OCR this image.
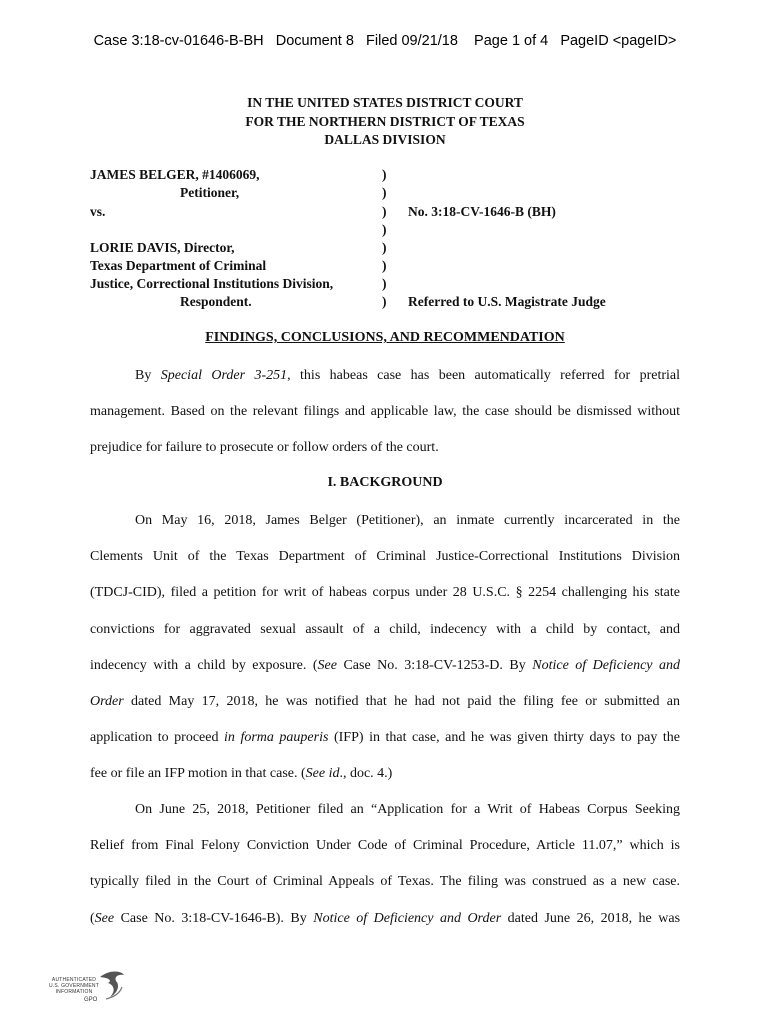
Case 3:18-cv-01646-B-BH Document 8 Filed 09/21/18 Page 1 of 4 PageID <pageID>
IN THE UNITED STATES DISTRICT COURT
FOR THE NORTHERN DISTRICT OF TEXAS
DALLAS DIVISION
JAMES BELGER, #1406069,
Petitioner,
vs.
LORIE DAVIS, Director,
Texas Department of Criminal
Justice, Correctional Institutions Division,
Respondent.
)
)
)
)
)
)
)
)
No. 3:18-CV-1646-B (BH)
Referred to U.S. Magistrate Judge
FINDINGS, CONCLUSIONS, AND RECOMMENDATION
By Special Order 3-251, this habeas case has been automatically referred for pretrial
management. Based on the relevant filings and applicable law, the case should be dismissed without
prejudice for failure to prosecute or follow orders of the court.
I. BACKGROUND
On May 16, 2018, James Belger (Petitioner), an inmate currently incarcerated in the
Clements Unit of the Texas Department of Criminal Justice-Correctional Institutions Division
(TDCJ-CID), filed a petition for writ of habeas corpus under 28 U.S.C. § 2254 challenging his state
convictions for aggravated sexual assault of a child, indecency with a child by contact, and
indecency with a child by exposure. (See Case No. 3:18-CV-1253-D. By Notice of Deficiency and
Order dated May 17, 2018, he was notified that he had not paid the filing fee or submitted an
application to proceed in forma pauperis (IFP) in that case, and he was given thirty days to pay the
fee or file an IFP motion in that case. (See id., doc. 4.)
On June 25, 2018, Petitioner filed an “Application for a Writ of Habeas Corpus Seeking
Relief from Final Felony Conviction Under Code of Criminal Procedure, Article 11.07,” which is
typically filed in the Court of Criminal Appeals of Texas. The filing was construed as a new case.
(See Case No. 3:18-CV-1646-B). By Notice of Deficiency and Order dated June 26, 2018, he was
AUTHENTICATED
U.S. GOVERNMENT
INFORMATION
GPO
